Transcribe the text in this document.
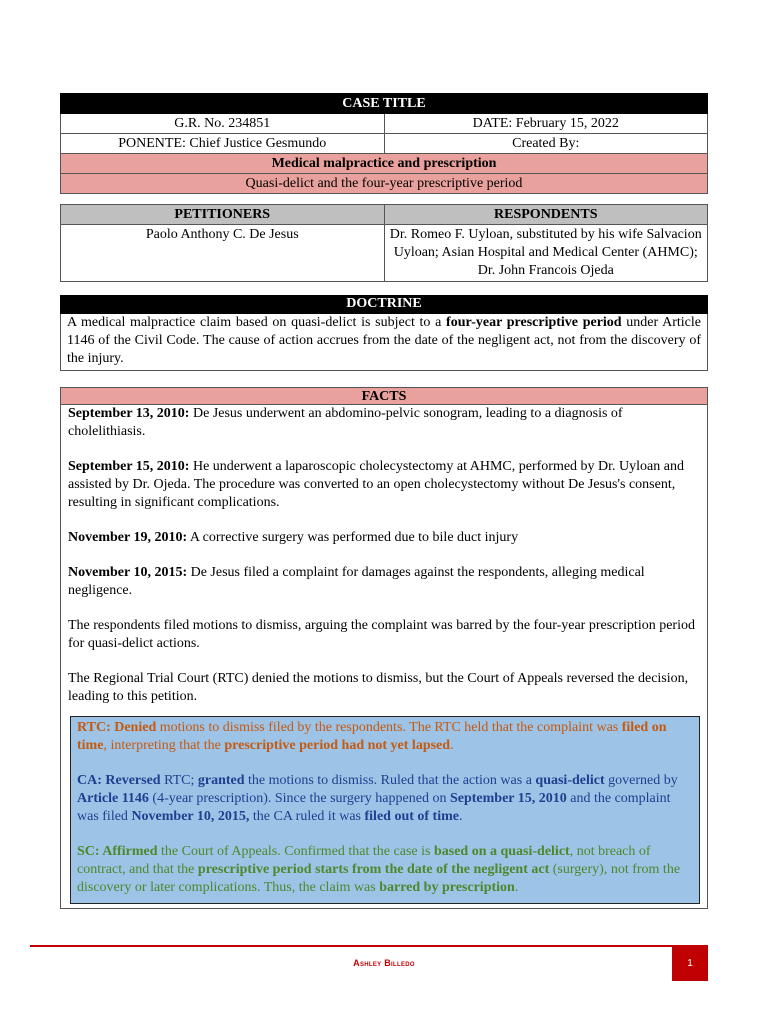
CASE TITLE	
G.R. No. 234851	DATE: February 15, 2022
PONENTE: Chief Justice Gesmundo	Created By:
Medical malpractice and prescription	
Quasi-delict and the four-year prescriptive period	
PETITIONERS	RESPONDENTS
Paolo Anthony C. De Jesus	Dr. Romeo F. Uyloan, substituted by his wife Salvacion Uyloan; Asian Hospital and Medical Center (AHMC); Dr. John Francois Ojeda
DOCTRINE
A medical malpractice claim based on quasi-delict is subject to a four-year prescriptive period under Article 1146 of the Civil Code. The cause of action accrues from the date of the negligent act, not from the discovery of the injury.
FACTS

September 13, 2010: De Jesus underwent an abdomino-pelvic sonogram, leading to a diagnosis of cholelithiasis.

September 15, 2010: He underwent a laparoscopic cholecystectomy at AHMC, performed by Dr. Uyloan and assisted by Dr. Ojeda. The procedure was converted to an open cholecystectomy without De Jesus's consent, resulting in significant complications.

November 19, 2010: A corrective surgery was performed due to bile duct injury

November 10, 2015: De Jesus filed a complaint for damages against the respondents, alleging medical negligence.

The respondents filed motions to dismiss, arguing the complaint was barred by the four-year prescription period for quasi-delict actions.

The Regional Trial Court (RTC) denied the motions to dismiss, but the Court of Appeals reversed the decision, leading to this petition.

RTC: Denied motions to dismiss filed by the respondents. The RTC held that the complaint was filed on time, interpreting that the prescriptive period had not yet lapsed.

CA: Reversed RTC; granted the motions to dismiss. Ruled that the action was a quasi-delict governed by Article 1146 (4-year prescription). Since the surgery happened on September 15, 2010 and the complaint was filed November 10, 2015, the CA ruled it was filed out of time.

SC: Affirmed the Court of Appeals. Confirmed that the case is based on a quasi-delict, not breach of contract, and that the prescriptive period starts from the date of the negligent act (surgery), not from the discovery or later complications. Thus, the claim was barred by prescription.

Ashley Billedo	1
